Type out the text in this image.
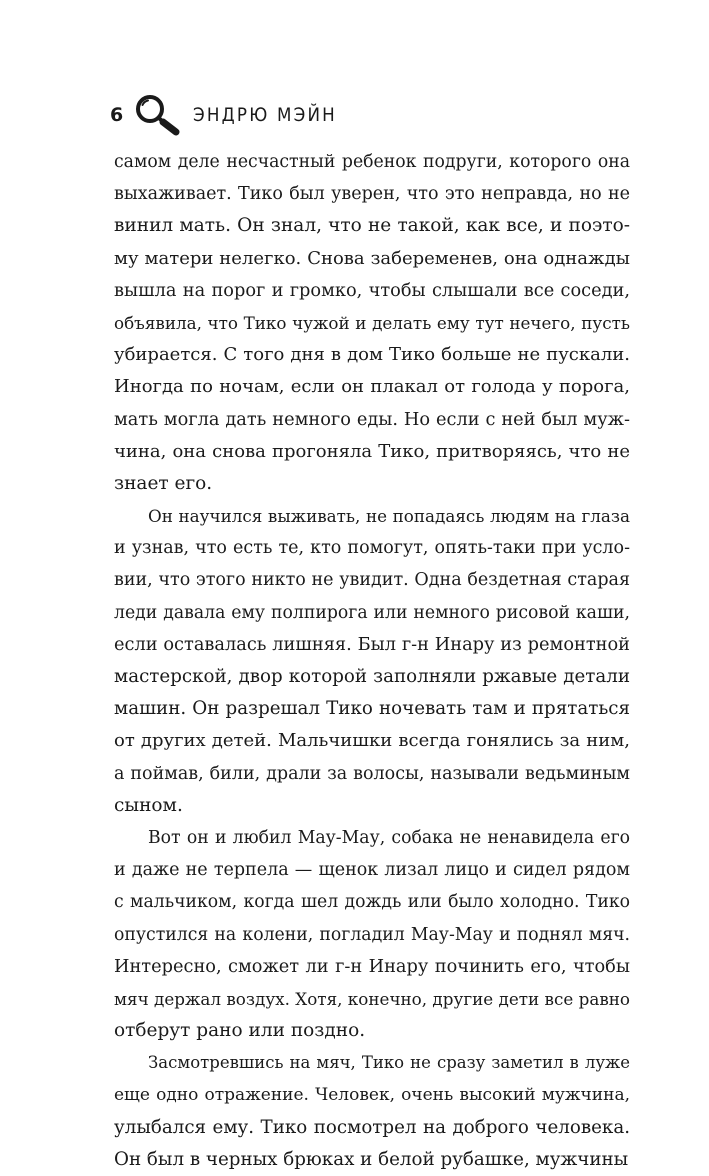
6	ЭНДРЮ МЭЙН
самом деле несчастный ребенок подруги, которого она
выхаживает. Тико был уверен, что это неправда, но не
винил мать. Он знал, что не такой, как все, и поэто-
му матери нелегко. Снова забеременев, она однажды
вышла на порог и громко, чтобы слышали все соседи,
объявила, что Тико чужой и делать ему тут нечего, пусть
убирается. С того дня в дом Тико больше не пускали.
Иногда по ночам, если он плакал от голода у порога,
мать могла дать немного еды. Но если с ней был муж-
чина, она снова прогоняла Тико, притворяясь, что не
знает его.
Он научился выживать, не попадаясь людям на глаза
и узнав, что есть те, кто помогут, опять-таки при усло-
вии, что этого никто не увидит. Одна бездетная старая
леди давала ему полпирога или немного рисовой каши,
если оставалась лишняя. Был г-н Инару из ремонтной
мастерской, двор которой заполняли ржавые детали
машин. Он разрешал Тико ночевать там и прятаться
от других детей. Мальчишки всегда гонялись за ним,
а поймав, били, драли за волосы, называли ведьминым
сыном.
Вот он и любил Мау-Мау, собака не ненавидела его
и даже не терпела — щенок лизал лицо и сидел рядом
с мальчиком, когда шел дождь или было холодно. Тико
опустился на колени, погладил Мау-Мау и поднял мяч.
Интересно, сможет ли г-н Инару починить его, чтобы
мяч держал воздух. Хотя, конечно, другие дети все равно
отберут рано или поздно.
Засмотревшись на мяч, Тико не сразу заметил в луже
еще одно отражение. Человек, очень высокий мужчина,
улыбался ему. Тико посмотрел на доброго человека.
Он был в черных брюках и белой рубашке, мужчины
